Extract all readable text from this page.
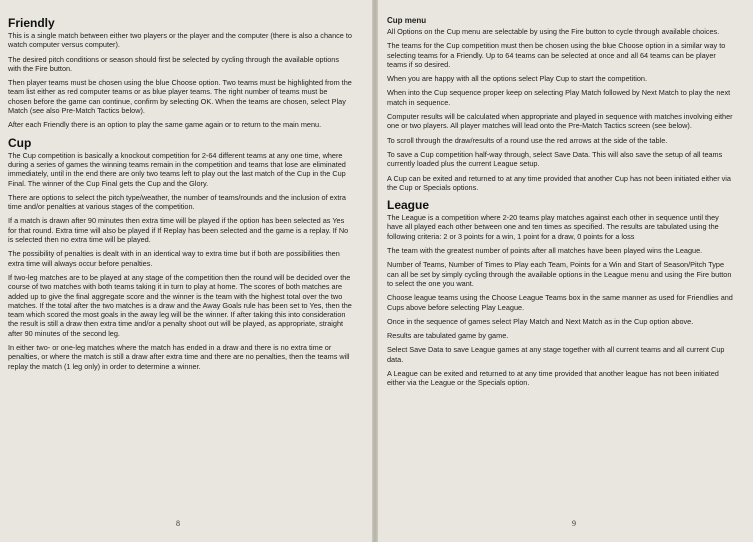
Friendly

This is a single match between either two players or the player and the computer (there is also a chance to watch computer versus computer).

The desired pitch conditions or season should first be selected by cycling through the available options with the Fire button.

Then player teams must be chosen using the blue Choose option. Two teams must be highlighted from the team list either as red computer teams or as blue player teams. The right number of teams must be chosen before the game can continue, confirm by selecting OK. When the teams are chosen, select Play Match (see also Pre-Match Tactics below).

After each Friendly there is an option to play the same game again or to return to the main menu.

Cup

The Cup competition is basically a knockout competition for 2-64 different teams at any one time, where during a series of games the winning teams remain in the competition and teams that lose are eliminated immediately, until in the end there are only two teams left to play out the last match of the Cup in the Cup Final. The winner of the Cup Final gets the Cup and the Glory.

There are options to select the pitch type/weather, the number of teams/rounds and the inclusion of extra time and/or penalties at various stages of the competition.

If a match is drawn after 90 minutes then extra time will be played if the option has been selected as Yes for that round. Extra time will also be played if If Replay has been selected and the game is a replay. If No is selected then no extra time will be played.

The possibility of penalties is dealt with in an identical way to extra time but if both are possibilities then extra time will always occur before penalties.

If two-leg matches are to be played at any stage of the competition then the round will be decided over the course of two matches with both teams taking it in turn to play at home. The scores of both matches are added up to give the final aggregate score and the winner is the team with the highest total over the two matches. If the total after the two matches is a draw and the Away Goals rule has been set to Yes, then the team which scored the most goals in the away leg will be the winner. If after taking this into consideration the result is still a draw then extra time and/or a penalty shoot out will be played, as appropriate, straight after 90 minutes of the second leg.

In either two- or one-leg matches where the match has ended in a draw and there is no extra time or penalties, or where the match is still a draw after extra time and there are no penalties, then the teams will replay the match (1 leg only) in order to determine a winner.

8
Cup menu

All Options on the Cup menu are selectable by using the Fire button to cycle through available choices.

The teams for the Cup competition must then be chosen using the blue Choose option in a similar way to selecting teams for a Friendly. Up to 64 teams can be selected at once and all 64 teams can be player teams if so desired.

When you are happy with all the options select Play Cup to start the competition.

When into the Cup sequence proper keep on selecting Play Match followed by Next Match to play the next match in sequence.

Computer results will be calculated when appropriate and played in sequence with matches involving either one or two players. All player matches will lead onto the Pre-Match Tactics screen (see below).

To scroll through the draw/results of a round use the red arrows at the side of the table.

To save a Cup competition half-way through, select Save Data. This will also save the setup of all teams currently loaded plus the current League setup.

A Cup can be exited and returned to at any time provided that another Cup has not been initiated either via the Cup or Specials options.

League

The League is a competition where 2-20 teams play matches against each other in sequence until they have all played each other between one and ten times as specified. The results are tabulated using the following criteria: 2 or 3 points for a win, 1 point for a draw, 0 points for a loss

The team with the greatest number of points after all matches have been played wins the League.

Number of Teams, Number of Times to Play each Team, Points for a Win and Start of Season/Pitch Type can all be set by simply cycling through the available options in the League menu and using the Fire button to select the one you want.

Choose league teams using the Choose League Teams box in the same manner as used for Friendlies and Cups above before selecting Play League.

Once in the sequence of games select Play Match and Next Match as in the Cup option above.

Results are tabulated game by game.

Select Save Data to save League games at any stage together with all current teams and all current Cup data.

A League can be exited and returned to at any time provided that another league has not been initiated either via the League or the Specials option.

9
